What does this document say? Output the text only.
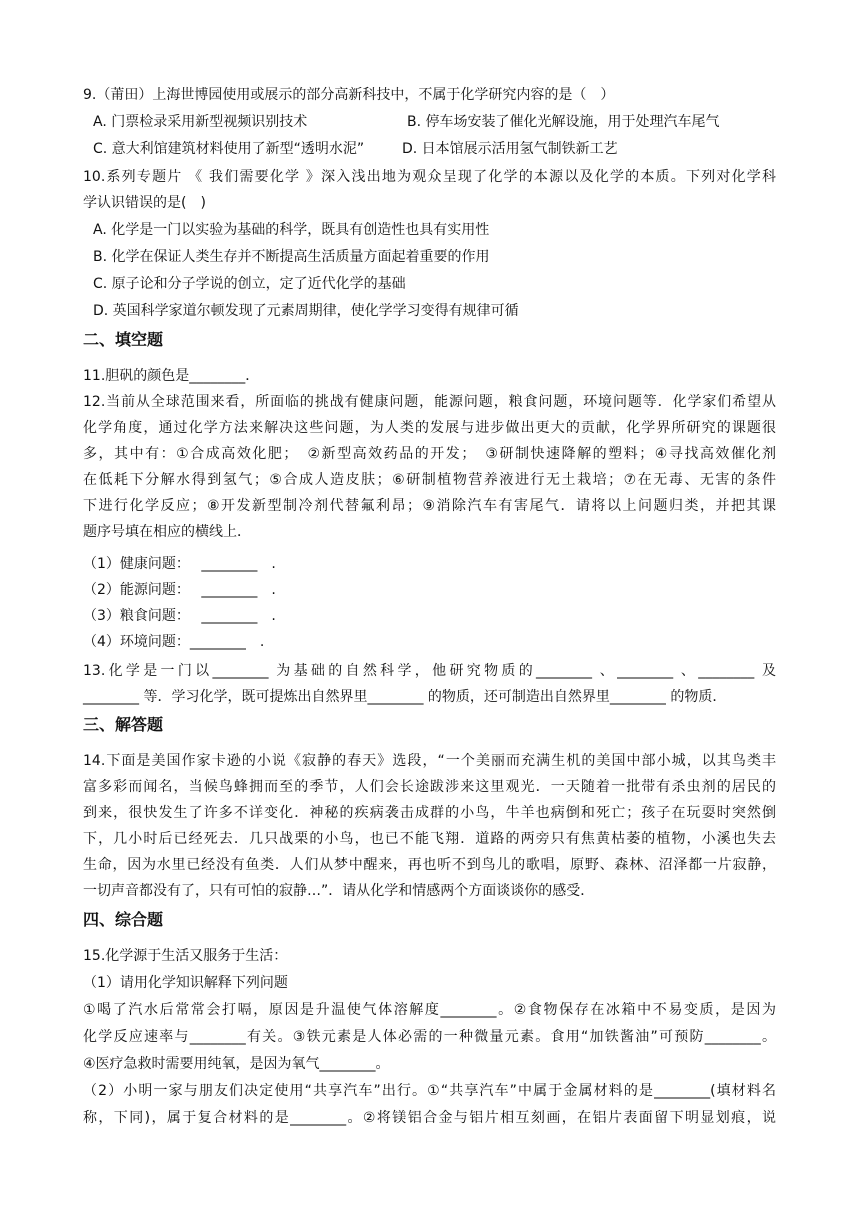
9.（莆田）上海世博园使用或展示的部分高新科技中，不属于化学研究内容的是（　）
A. 门票检录采用新型视频识别技术	B. 停车场安装了催化光解设施，用于处理汽车尾气
C. 意大利馆建筑材料使用了新型“透明水泥”	D. 日本馆展示活用氢气制铁新工艺
10.系列专题片 《 我们需要化学 》深入浅出地为观众呈现了化学的本源以及化学的本质。下列对化学科
学认识错误的是(　)
A. 化学是一门以实验为基础的科学，既具有创造性也具有实用性
B. 化学在保证人类生存并不断提高生活质量方面起着重要的作用
C. 原子论和分子学说的创立，定了近代化学的基础
D. 英国科学家道尔顿发现了元素周期律，使化学学习变得有规律可循
二、填空题
11.胆矾的颜色是________．
12.当前从全球范围来看，所面临的挑战有健康问题，能源问题，粮食问题，环境问题等．化学家们希望从
化学角度，通过化学方法来解决这些问题，为人类的发展与进步做出更大的贡献，化学界所研究的课题很
多，其中有：①合成高效化肥；　②新型高效药品的开发；　③研制快速降解的塑料；④寻找高效催化剂
在低耗下分解水得到氢气；⑤合成人造皮肤；⑥研制植物营养液进行无土栽培；⑦在无毒、无害的条件
下进行化学反应；⑧开发新型制冷剂代替氟利昂；⑨消除汽车有害尾气．请将以上问题归类，并把其课
题序号填在相应的横线上．
（1）健康问题：　 ________　.
（2）能源问题：　 ________　.
（3）粮食问题：　 ________　.
（4）环境问题：________　.
13.化学是一门以________ 为基础的自然科学，他研究物质的________ 、________ 、________ 及
________ 等．学习化学，既可提炼出自然界里________ 的物质，还可制造出自然界里________ 的物质．
三、解答题
14.下面是美国作家卡逊的小说《寂静的春天》选段，“一个美丽而充满生机的美国中部小城，以其鸟类丰
富多彩而闻名，当候鸟蜂拥而至的季节，人们会长途跋涉来这里观光．一天随着一批带有杀虫剂的居民的
到来，很快发生了许多不详变化．神秘的疾病袭击成群的小鸟，牛羊也病倒和死亡；孩子在玩耍时突然倒
下，几小时后已经死去．几只战栗的小鸟，也已不能飞翔．道路的两旁只有焦黄枯萎的植物，小溪也失去
生命，因为水里已经没有鱼类．人们从梦中醒来，再也听不到鸟儿的歌唱，原野、森林、沼泽都一片寂静，
一切声音都没有了，只有可怕的寂静…”．请从化学和情感两个方面谈谈你的感受．
四、综合题
15.化学源于生活又服务于生活：
（1）请用化学知识解释下列问题
①喝了汽水后常常会打嗝，原因是升温使气体溶解度________。②食物保存在冰箱中不易变质，是因为
化学反应速率与________有关。③铁元素是人体必需的一种微量元素。食用“加铁酱油”可预防________。
④医疗急救时需要用纯氧，是因为氧气________。
（2）小明一家与朋友们决定使用“共享汽车”出行。①“共享汽车”中属于金属材料的是________(填材料名
称，下同)，属于复合材料的是________。②将镁铝合金与铝片相互刻画，在铝片表面留下明显划痕，说
